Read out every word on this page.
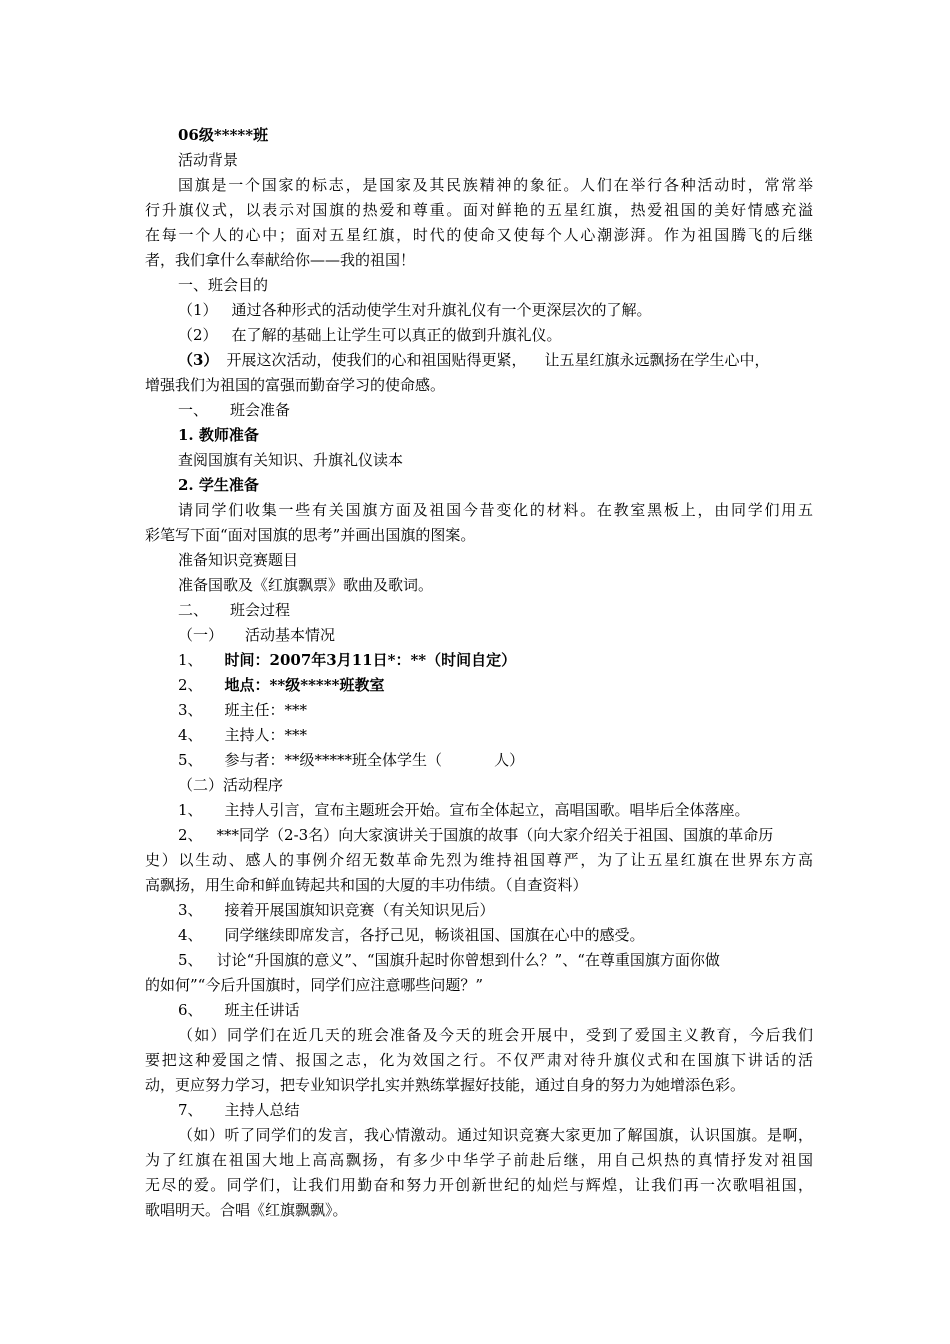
06级*****班
活动背景
国旗是一个国家的标志，是国家及其民族精神的象征。人们在举行各种活动时，常常举
行升旗仪式，以表示对国旗的热爱和尊重。面对鲜艳的五星红旗，热爱祖国的美好情感充溢
在每一个人的心中；面对五星红旗，时代的使命又使每个人心潮澎湃。作为祖国腾飞的后继
者，我们拿什么奉献给你——我的祖国！
一、班会目的
（1） 通过各种形式的活动使学生对升旗礼仪有一个更深层次的了解。
（2） 在了解的基础上让学生可以真正的做到升旗礼仪。
（3） 开展这次活动，使我们的心和祖国贴得更紧， 让五星红旗永远飘扬在学生心中，
增强我们为祖国的富强而勤奋学习的使命感。
一、 班会准备
1. 教师准备
查阅国旗有关知识、升旗礼仪读本
2. 学生准备
请同学们收集一些有关国旗方面及祖国今昔变化的材料。在教室黑板上，由同学们用五
彩笔写下面“面对国旗的思考”并画出国旗的图案。
准备知识竞赛题目
准备国歌及《红旗飘票》歌曲及歌词。
二、 班会过程
（一） 活动基本情况
1、 时间：2007年3月11日*：**（时间自定）
2、 地点：**级*****班教室
3、 班主任：***
4、 主持人：***
5、 参与者：**级*****班全体学生（	人）
（二）活动程序
1、 主持人引言，宣布主题班会开始。宣布全体起立，高唱国歌。唱毕后全体落座。
2、 ***同学（2-3名）向大家演讲关于国旗的故事（向大家介绍关于祖国、国旗的革命历
史）以生动、感人的事例介绍无数革命先烈为维持祖国尊严，为了让五星红旗在世界东方高
高飘扬，用生命和鲜血铸起共和国的大厦的丰功伟绩。（自查资料）
3、 接着开展国旗知识竞赛（有关知识见后）
4、 同学继续即席发言，各抒己见，畅谈祖国、国旗在心中的感受。
5、 讨论“升国旗的意义”、“国旗升起时你曾想到什么？”、“在尊重国旗方面你做
的如何”“今后升国旗时，同学们应注意哪些问题？”
6、 班主任讲话
（如）同学们在近几天的班会准备及今天的班会开展中，受到了爱国主义教育，今后我们
要把这种爱国之情、报国之志，化为效国之行。不仅严肃对待升旗仪式和在国旗下讲话的活
动，更应努力学习，把专业知识学扎实并熟练掌握好技能，通过自身的努力为她增添色彩。
7、 主持人总结
（如）听了同学们的发言，我心情激动。通过知识竞赛大家更加了解国旗，认识国旗。是啊，
为了红旗在祖国大地上高高飘扬，有多少中华学子前赴后继，用自己炽热的真情抒发对祖国
无尽的爱。同学们，让我们用勤奋和努力开创新世纪的灿烂与辉煌，让我们再一次歌唱祖国，
歌唱明天。合唱《红旗飘飘》。
